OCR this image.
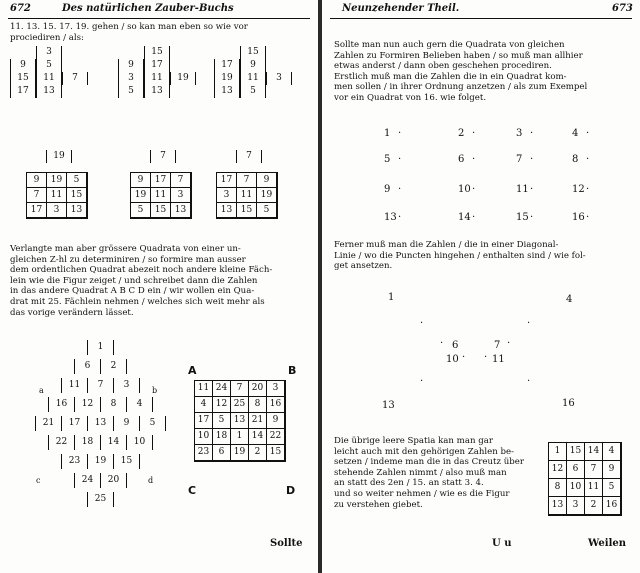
672	Des natürlichen Zauber-Buchs
11. 13. 15. 17. 19. gehen / so kan man eben so wie vor
prociediren / als:
3
9	5
15	11	7
17	13
15
9	17
3	11	19
5	13
15
17	9
19	11	3
13	5
19
9	19	5
7	11 15
17	3	13
7
9	17	7
19 11	3
5	15 13
7
17	7	9
3	11 19
13 15	5
Verlangte man aber grössere Quadrata von einer un-
gleichen Z-hl zu determiniren / so formire man ausser
dem ordentlichen Quadrat abezeit noch andere kleine Fäch-
lein wie die Figur zeiget / und schreibet dann die Zahlen
in das andere Quadrat A B C D ein / wir wollen ein Qua-
drat mit 25. Fächlein nehmen / welches sich weit mehr als
das vorige verändern lässet.
1
6	2
11	7	3
16	12	8	4
21	17	13	9	5
22	18	14	10
23	19	15
24	20
25
a	b
c	d
A	B
C	D
11 24	7	20	3
4	12 25	8	16
17	5	13 21	9
10 18	1	14 22
23	6	19	2	15
Sollte
Neunzehender Theil.	673
Sollte man nun auch gern die Quadrata von gleichen
Zahlen zu Formiren Belieben haben / so muß man allhier
etwas anderst / dann oben geschehen procediren.
Erstlich muß man die Zahlen die in ein Quadrat kom-
men sollen / in ihrer Ordnung anzetzen / als zum Exempel
vor ein Quadrat von 16. wie folget.
1 ·	2 ·	3 ·	4 ·
5 ·	6 ·	7 ·	8 ·
9 ·	10 ·	11 ·	12 ·
13 ·	14 ·	15 ·	16 ·
Ferner muß man die Zahlen / die in einer Diagonal-
Linie / wo die Puncten hingehen / enthalten sind / wie fol-
get ansetzen.
1	4
6	7
10	11
13	16
·	·
· ·
·	·
·	·
Die übrige leere Spatia kan man gar
leicht auch mit den gehörigen Zahlen be-
setzen / indeme man die in das Creutz über
stehende Zahlen nimmt / also muß man
an statt des 2en / 15. an statt 3. 4.
und so weiter nehmen / wie es die Figur
zu verstehen giebet.
1	15 14	4
12	6	7	9
8	10 11	5
13	3	2	16
U u	Weilen
